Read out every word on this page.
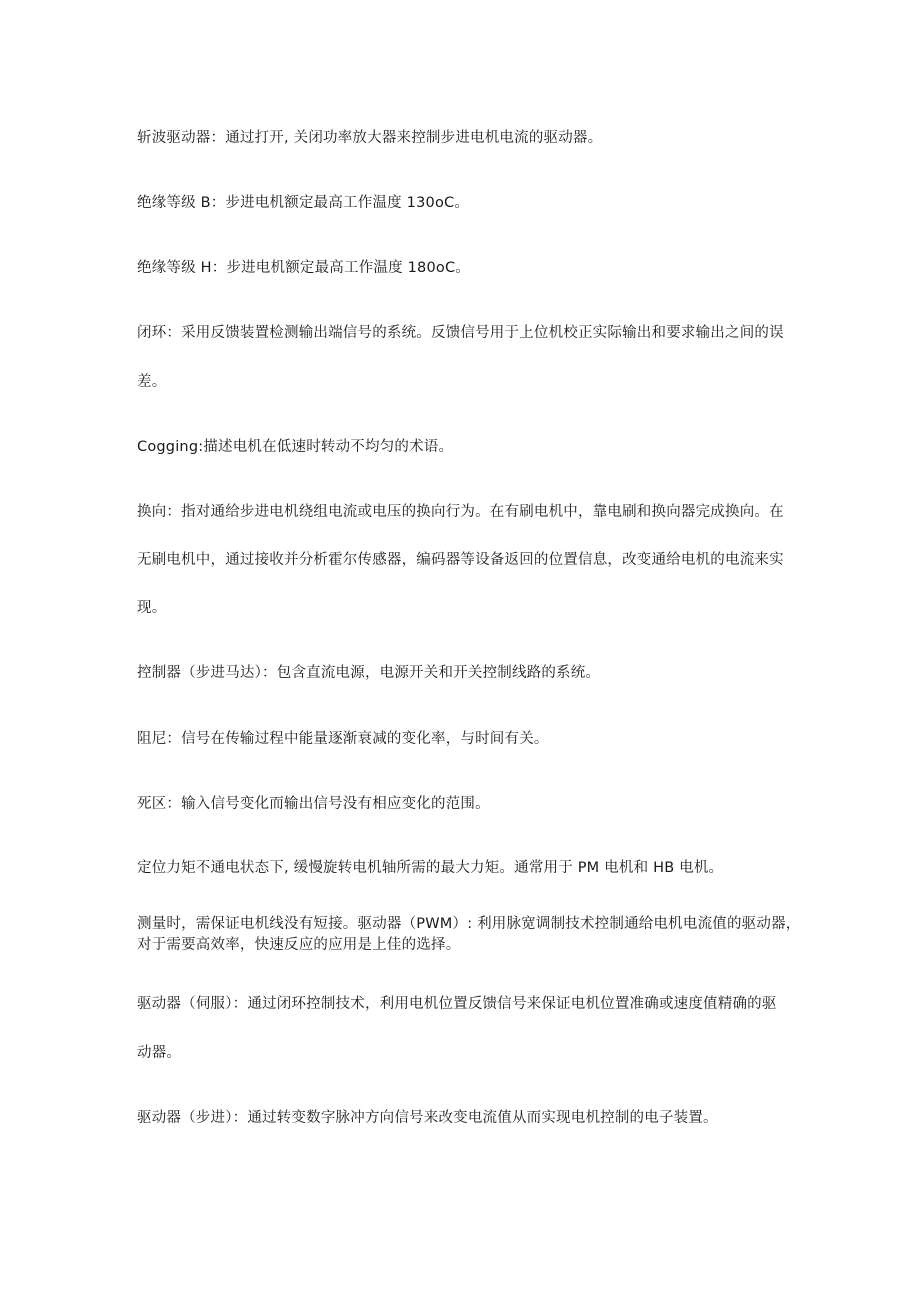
斩波驱动器：通过打开, 关闭功率放大器来控制步进电机电流的驱动器。
绝缘等级 B：步进电机额定最高工作温度 130oC。
绝缘等级 H：步进电机额定最高工作温度 180oC。
闭环：采用反馈装置检测输出端信号的系统。反馈信号用于上位机校正实际输出和要求输出之间的误
差。
Cogging:描述电机在低速时转动不均匀的术语。
换向：指对通给步进电机绕组电流或电压的换向行为。在有刷电机中，靠电刷和换向器完成换向。在
无刷电机中，通过接收并分析霍尔传感器，编码器等设备返回的位置信息，改变通给电机的电流来实
现。
控制器（步进马达）：包含直流电源，电源开关和开关控制线路的系统。
阻尼：信号在传输过程中能量逐渐衰减的变化率，与时间有关。
死区：输入信号变化而输出信号没有相应变化的范围。
定位力矩不通电状态下, 缓慢旋转电机轴所需的最大力矩。通常用于 PM 电机和 HB 电机。
测量时，需保证电机线没有短接。驱动器（PWM）: 利用脉宽调制技术控制通给电机电流值的驱动器，
对于需要高效率，快速反应的应用是上佳的选择。
驱动器（伺服）：通过闭环控制技术，利用电机位置反馈信号来保证电机位置准确或速度值精确的驱
动器。
驱动器（步进）：通过转变数字脉冲方向信号来改变电流值从而实现电机控制的电子装置。
